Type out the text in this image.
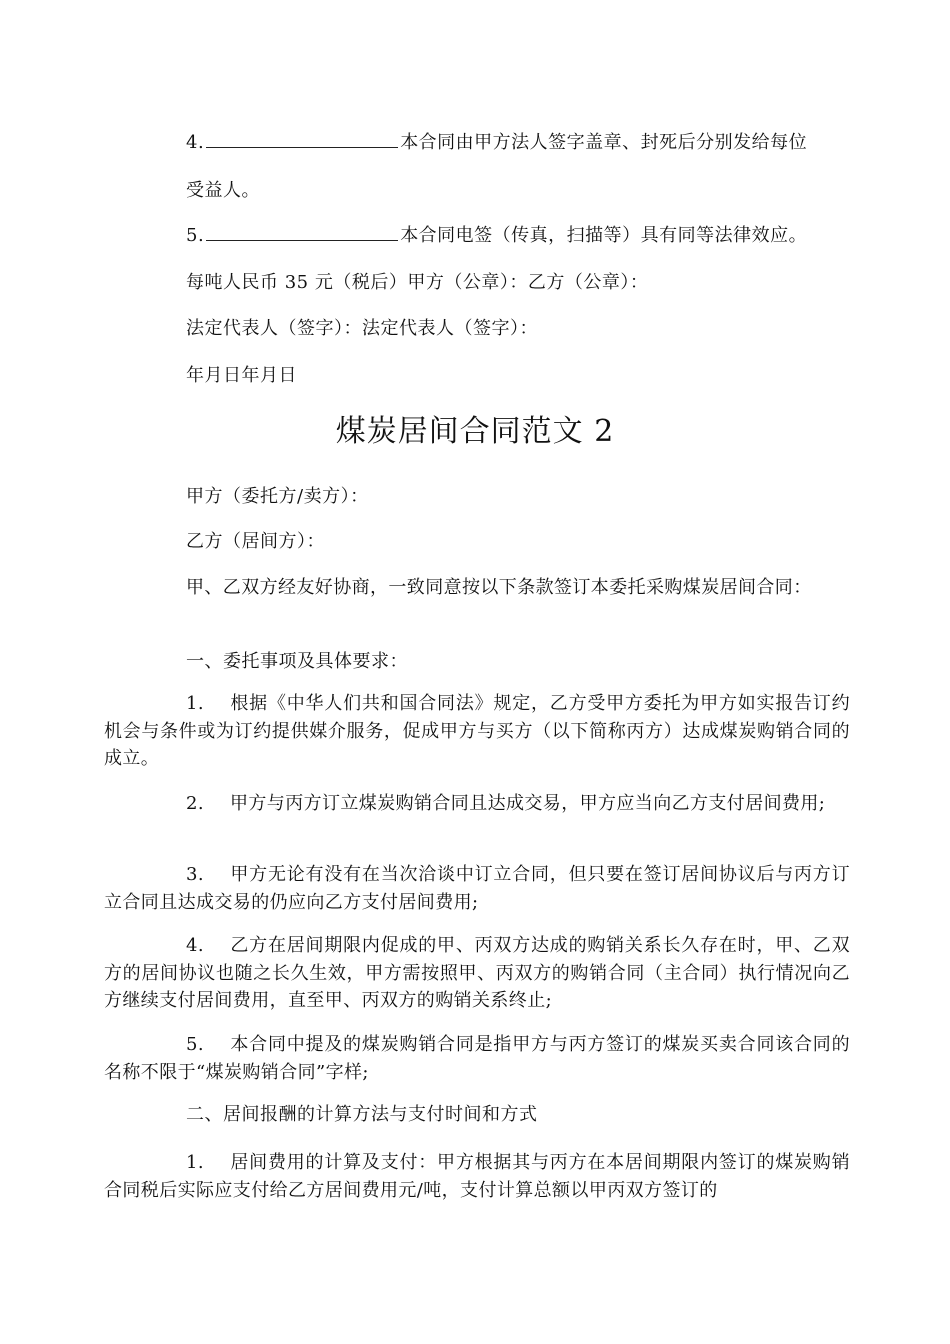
4.	本合同由甲方法人签字盖章、封死后分别发给每位
受益人。
5.	本合同电签（传真，扫描等）具有同等法律效应。
每吨人民币 35 元（税后）甲方（公章）：乙方（公章）：
法定代表人（签字）：法定代表人（签字）：
年月日年月日
煤炭居间合同范文 2
甲方（委托方/卖方）：
乙方（居间方）：
甲、乙双方经友好协商，一致同意按以下条款签订本委托采购煤炭居间合同：
一、委托事项及具体要求：
1. 根据《中华人们共和国合同法》规定，乙方受甲方委托为甲方如实报告订约机会与条件或为订约提供媒介服务，促成甲方与买方（以下简称丙方）达成煤炭购销合同的成立。
2. 甲方与丙方订立煤炭购销合同且达成交易，甲方应当向乙方支付居间费用;
3. 甲方无论有没有在当次洽谈中订立合同，但只要在签订居间协议后与丙方订立合同且达成交易的仍应向乙方支付居间费用;
4. 乙方在居间期限内促成的甲、丙双方达成的购销关系长久存在时，甲、乙双方的居间协议也随之长久生效，甲方需按照甲、丙双方的购销合同（主合同）执行情况向乙方继续支付居间费用，直至甲、丙双方的购销关系终止;
5. 本合同中提及的煤炭购销合同是指甲方与丙方签订的煤炭买卖合同该合同的名称不限于“煤炭购销合同”字样;
二、居间报酬的计算方法与支付时间和方式
1. 居间费用的计算及支付：甲方根据其与丙方在本居间期限内签订的煤炭购销合同税后实际应支付给乙方居间费用元/吨，支付计算总额以甲丙双方签订的
